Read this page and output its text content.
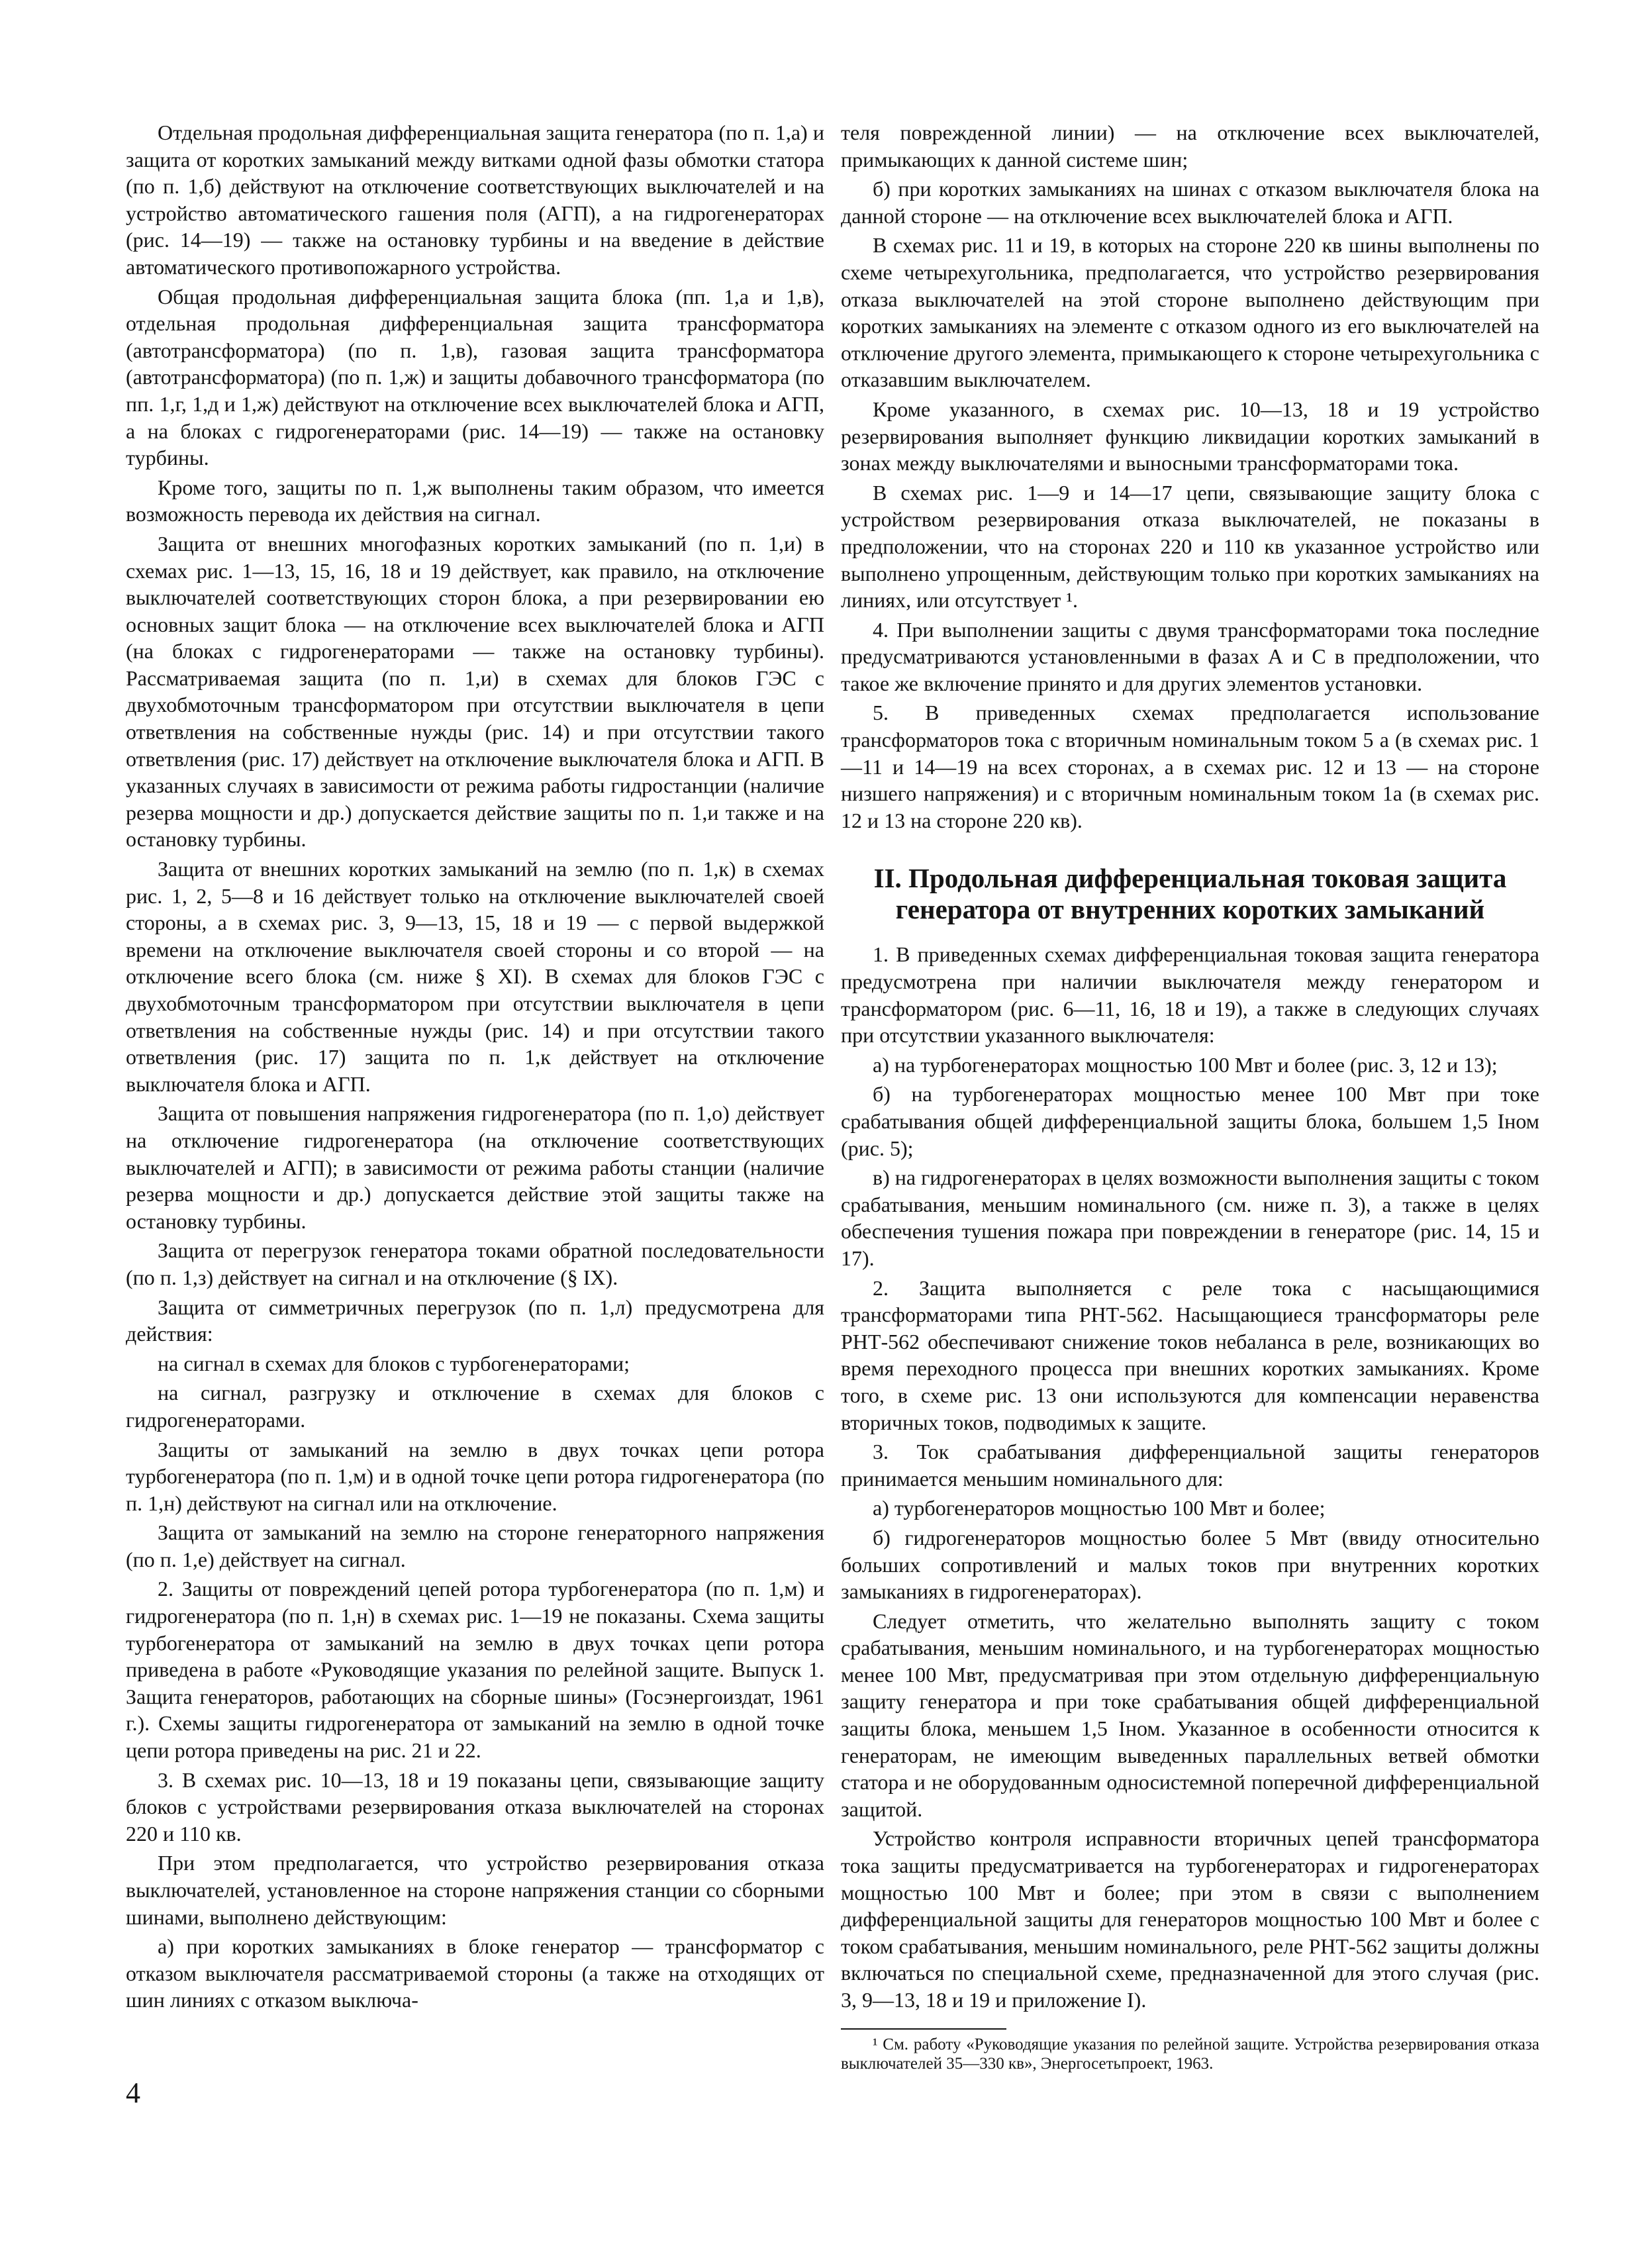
Отдельная продольная дифференциальная защита генератора (по п. 1,а) и защита от коротких замыканий между витками одной фазы обмотки статора (по п. 1,б) действуют на отключение соответствующих выключателей и на устройство автоматического гашения поля (АГП), а на гидрогенераторах (рис. 14—19) — также на остановку турбины и на введение в действие автоматического противопожарного устройства.

Общая продольная дифференциальная защита блока (пп. 1,а и 1,в), отдельная продольная дифференциальная защита трансформатора (автотрансформатора) (по п. 1,в), газовая защита трансформатора (автотрансформатора) (по п. 1,ж) и защиты добавочного трансформатора (по пп. 1,г, 1,д и 1,ж) действуют на отключение всех выключателей блока и АГП, а на блоках с гидрогенераторами (рис. 14—19) — также на остановку турбины.

Кроме того, защиты по п. 1,ж выполнены таким образом, что имеется возможность перевода их действия на сигнал.

Защита от внешних многофазных коротких замыканий (по п. 1,и) в схемах рис. 1—13, 15, 16, 18 и 19 действует, как правило, на отключение выключателей соответствующих сторон блока, а при резервировании ею основных защит блока — на отключение всех выключателей блока и АГП (на блоках с гидрогенераторами — также на остановку турбины). Рассматриваемая защита (по п. 1,и) в схемах для блоков ГЭС с двухобмоточным трансформатором при отсутствии выключателя в цепи ответвления на собственные нужды (рис. 14) и при отсутствии такого ответвления (рис. 17) действует на отключение выключателя блока и АГП. В указанных случаях в зависимости от режима работы гидростанции (наличие резерва мощности и др.) допускается действие защиты по п. 1,и также и на остановку турбины.

Защита от внешних коротких замыканий на землю (по п. 1,к) в схемах рис. 1, 2, 5—8 и 16 действует только на отключение выключателей своей стороны, а в схемах рис. 3, 9—13, 15, 18 и 19 — с первой выдержкой времени на отключение выключателя своей стороны и со второй — на отключение всего блока (см. ниже § XI). В схемах для блоков ГЭС с двухобмоточным трансформатором при отсутствии выключателя в цепи ответвления на собственные нужды (рис. 14) и при отсутствии такого ответвления (рис. 17) защита по п. 1,к действует на отключение выключателя блока и АГП.

Защита от повышения напряжения гидрогенератора (по п. 1,о) действует на отключение гидрогенератора (на отключение соответствующих выключателей и АГП); в зависимости от режима работы станции (наличие резерва мощности и др.) допускается действие этой защиты также на остановку турбины.

Защита от перегрузок генератора токами обратной последовательности (по п. 1,з) действует на сигнал и на отключение (§ IX).

Защита от симметричных перегрузок (по п. 1,л) предусмотрена для действия:

на сигнал в схемах для блоков с турбогенераторами;

на сигнал, разгрузку и отключение в схемах для блоков с гидрогенераторами.

Защиты от замыканий на землю в двух точках цепи ротора турбогенератора (по п. 1,м) и в одной точке цепи ротора гидрогенератора (по п. 1,н) действуют на сигнал или на отключение.

Защита от замыканий на землю на стороне генераторного напряжения (по п. 1,е) действует на сигнал.

2. Защиты от повреждений цепей ротора турбогенератора (по п. 1,м) и гидрогенератора (по п. 1,н) в схемах рис. 1—19 не показаны. Схема защиты турбогенератора от замыканий на землю в двух точках цепи ротора приведена в работе «Руководящие указания по релейной защите. Выпуск 1. Защита генераторов, работающих на сборные шины» (Госэнергоиздат, 1961 г.). Схемы защиты гидрогенератора от замыканий на землю в одной точке цепи ротора приведены на рис. 21 и 22.

3. В схемах рис. 10—13, 18 и 19 показаны цепи, связывающие защиту блоков с устройствами резервирования отказа выключателей на сторонах 220 и 110 кв.

При этом предполагается, что устройство резервирования отказа выключателей, установленное на стороне напряжения станции со сборными шинами, выполнено действующим:

а) при коротких замыканиях в блоке генератор — трансформатор с отказом выключателя рассматриваемой стороны (а также на отходящих от шин линиях с отказом выключа-

теля поврежденной линии) — на отключение всех выключателей, примыкающих к данной системе шин;

б) при коротких замыканиях на шинах с отказом выключателя блока на данной стороне — на отключение всех выключателей блока и АГП.

В схемах рис. 11 и 19, в которых на стороне 220 кв шины выполнены по схеме четырехугольника, предполагается, что устройство резервирования отказа выключателей на этой стороне выполнено действующим при коротких замыканиях на элементе с отказом одного из его выключателей на отключение другого элемента, примыкающего к стороне четырехугольника с отказавшим выключателем.

Кроме указанного, в схемах рис. 10—13, 18 и 19 устройство резервирования выполняет функцию ликвидации коротких замыканий в зонах между выключателями и выносными трансформаторами тока.

В схемах рис. 1—9 и 14—17 цепи, связывающие защиту блока с устройством резервирования отказа выключателей, не показаны в предположении, что на сторонах 220 и 110 кв указанное устройство или выполнено упрощенным, действующим только при коротких замыканиях на линиях, или отсутствует ¹.

4. При выполнении защиты с двумя трансформаторами тока последние предусматриваются установленными в фазах А и С в предположении, что такое же включение принято и для других элементов установки.

5. В приведенных схемах предполагается использование трансформаторов тока с вторичным номинальным током 5 а (в схемах рис. 1—11 и 14—19 на всех сторонах, а в схемах рис. 12 и 13 — на стороне низшего напряжения) и с вторичным номинальным током 1а (в схемах рис. 12 и 13 на стороне 220 кв).

II. Продольная дифференциальная токовая защита генератора от внутренних коротких замыканий

1. В приведенных схемах дифференциальная токовая защита генератора предусмотрена при наличии выключателя между генератором и трансформатором (рис. 6—11, 16, 18 и 19), а также в следующих случаях при отсутствии указанного выключателя:

а) на турбогенераторах мощностью 100 Мвт и более (рис. 3, 12 и 13);

б) на турбогенераторах мощностью менее 100 Мвт при токе срабатывания общей дифференциальной защиты блока, большем 1,5 Iном (рис. 5);

в) на гидрогенераторах в целях возможности выполнения защиты с током срабатывания, меньшим номинального (см. ниже п. 3), а также в целях обеспечения тушения пожара при повреждении в генераторе (рис. 14, 15 и 17).

2. Защита выполняется с реле тока с насыщающимися трансформаторами типа РНТ-562. Насыщающиеся трансформаторы реле РНТ-562 обеспечивают снижение токов небаланса в реле, возникающих во время переходного процесса при внешних коротких замыканиях. Кроме того, в схеме рис. 13 они используются для компенсации неравенства вторичных токов, подводимых к защите.

3. Ток срабатывания дифференциальной защиты генераторов принимается меньшим номинального для:

а) турбогенераторов мощностью 100 Мвт и более;

б) гидрогенераторов мощностью более 5 Мвт (ввиду относительно больших сопротивлений и малых токов при внутренних коротких замыканиях в гидрогенераторах).

Следует отметить, что желательно выполнять защиту с током срабатывания, меньшим номинального, и на турбогенераторах мощностью менее 100 Мвт, предусматривая при этом отдельную дифференциальную защиту генератора и при токе срабатывания общей дифференциальной защиты блока, меньшем 1,5 Iном. Указанное в особенности относится к генераторам, не имеющим выведенных параллельных ветвей обмотки статора и не оборудованным односистемной поперечной дифференциальной защитой.

Устройство контроля исправности вторичных цепей трансформатора тока защиты предусматривается на турбогенераторах и гидрогенераторах мощностью 100 Мвт и более; при этом в связи с выполнением дифференциальной защиты для генераторов мощностью 100 Мвт и более с током срабатывания, меньшим номинального, реле РНТ-562 защиты должны включаться по специальной схеме, предназначенной для этого случая (рис. 3, 9—13, 18 и 19 и приложение I).

¹ См. работу «Руководящие указания по релейной защите. Устройства резервирования отказа выключателей 35—330 кв», Энергосетьпроект, 1963.

4
